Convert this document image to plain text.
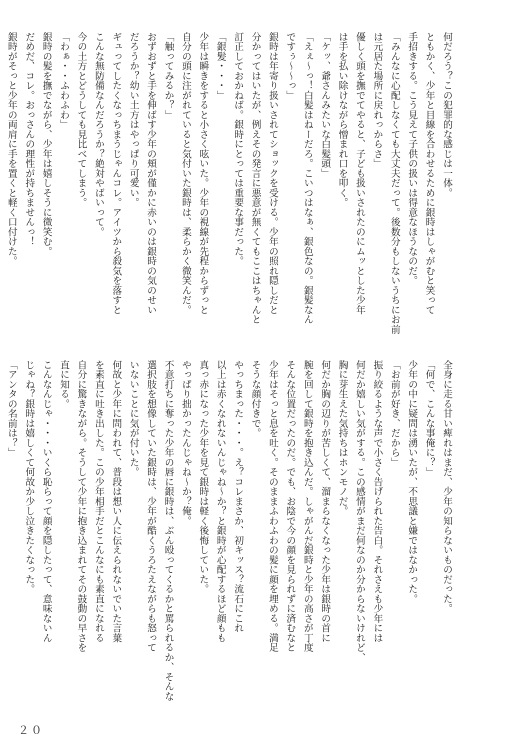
何だろう？この犯罪的な感じは一体。

ともかく、少年と目線を合わせるために銀時はしゃがむと笑って

手招きする。こう見えて子供の扱いは得意なほうなのだ。

「みんなに心配しなくても大丈夫だって。後数分もしないうちにお前

は元居た場所に戻れっからさ」

優しく頭を撫でてやると、子ども扱いされたのにムッとした少年

は手を払い除けながら憎まれ口を叩く。

「ケッ、爺さんみたいな白髪頭」

「えぇ～っ！白髪はねーだろ。こいつはなぁ、銀色なの。銀髪なん

ですぅ～～っ」

銀時は年寄り扱いされてショックを受ける。少年の照れ隠しだと

分かってはいたが、例えその発言に悪意が無くてもここはちゃんと

訂正しておかねば。銀時にとっては重要な事だった。

「銀髪・・・」

少年は瞬きをすると小さく呟いた。少年の視線が先程からずっと

自分の頭に注がれていると気付いた銀時は、柔らかく微笑んだ。

「触ってみるか？」

おずおずと手を伸ばす少年の頬が僅かに赤いのは銀時の気のせい

だろうか？幼い土方はやっぱり可愛い。

ギュってしたくなっちまうじゃんコレ。アイツから殺気を落すと

こんな無防備なんだろうか？絶対やばいって。

今の土方とどうしても見比べてしまう。

「わぁ・・ふわふわ」

銀時の髪を撫でながら、少年は嬉しそうに微笑む。

だめだ、コレ。おっさんの理性が持ちませんっ！

銀時がそっと少年の両肩に手を置くと軽く口付けた。

全身に走る甘い痺れはまだ、少年の知らないものだった。

「何で、こんな事俺に？」

少年の中に疑問は湧いたが、不思議と嫌ではなかった。

「お前が好き、だから」

振り絞るような声で小さく告げられた告白。それさえも少年には

何だか嬉しい気がする。この感情がまだ何なのか分からないけれど、

胸に芽生えた気持ちはホンモノだ。

何だか胸の辺りが苦しくて、溜まらなくなった少年は銀時の首に

腕を回して銀時を抱き込んだ。しゃがんだ銀時と少年の高さが丁度

そんな位置だったのだ。でも、お陰で今の顔を見られずに済むなと

少年はそっと息を吐く。そのままふわふわの髪に顔を埋める。満足

そうな顔付きで。

やっちまった・・・。え？コレまさか、初キッス？流石にこれ

以上は赤くなれないんじゃね～か？と銀時が心配するほど顔もも

真っ赤になった少年を見て銀時は軽く後悔していた。

やっぱり拙かったんじゃね～か？俺。

不意打ちに奪った少年の唇に銀時は、ぶん殴ってくるかと罵られるか、そんな

選択肢を想像していた銀時は、少年が酷くうろたえながらも怒って

いないことに気が付いた。

何故と少年に問われて、普段は想い人に伝えられないでいた言葉

を素直に吐き出した。この少年相手だとこんなにも素直になれる

自分に驚きながら。そうして少年に抱き込まれてその鼓動の早さを

直に知る。

こんなんじゃ・・・いくら恥らって顔を隠したって、意味ないん

じゃね？銀時は嬉しくて何故か少し泣きたくなった。

「アンタの名前は？」

２０
